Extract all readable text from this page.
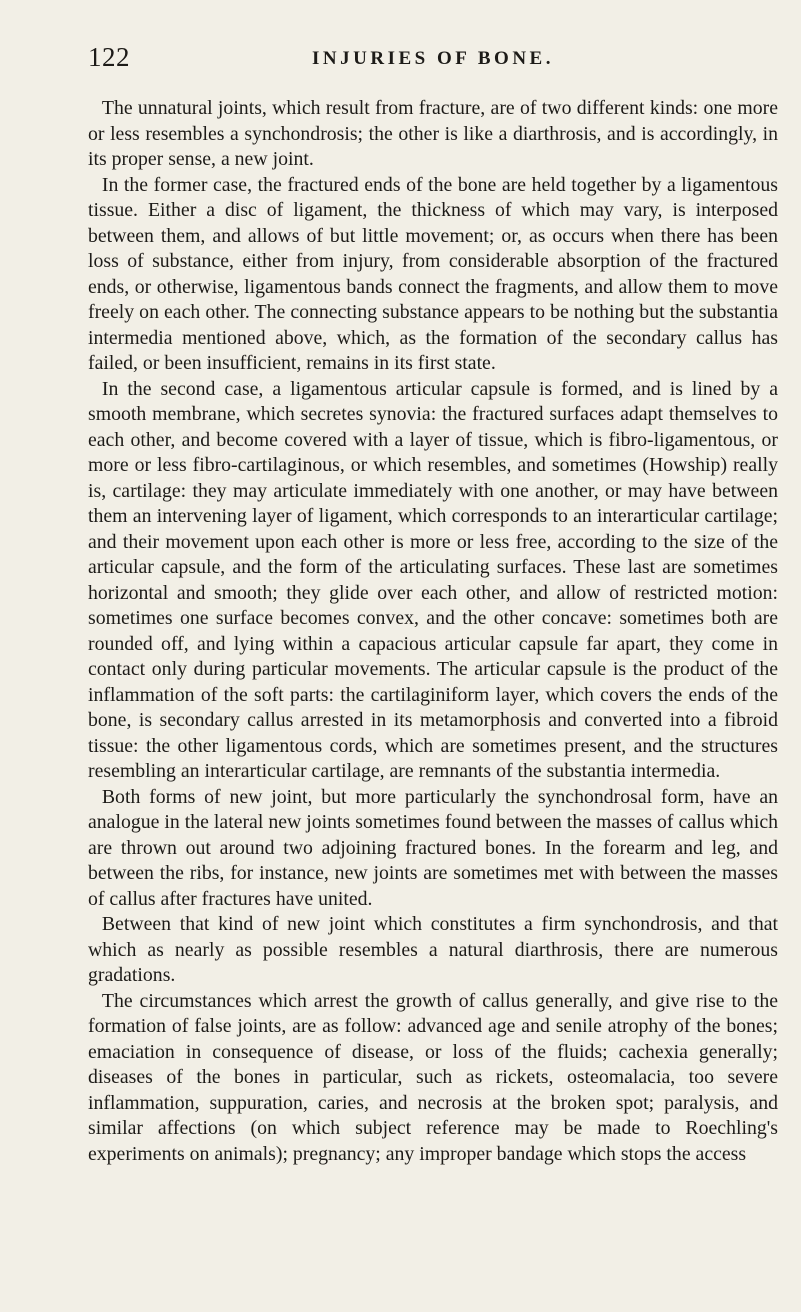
122	INJURIES OF BONE.

The unnatural joints, which result from fracture, are of two different kinds: one more or less resembles a synchondrosis; the other is like a diarthrosis, and is accordingly, in its proper sense, a new joint.

In the former case, the fractured ends of the bone are held together by a ligamentous tissue. Either a disc of ligament, the thickness of which may vary, is interposed between them, and allows of but little movement; or, as occurs when there has been loss of substance, either from injury, from considerable absorption of the fractured ends, or otherwise, ligamentous bands connect the fragments, and allow them to move freely on each other. The connecting substance appears to be nothing but the substantia intermedia mentioned above, which, as the formation of the secondary callus has failed, or been insufficient, remains in its first state.

In the second case, a ligamentous articular capsule is formed, and is lined by a smooth membrane, which secretes synovia: the fractured surfaces adapt themselves to each other, and become covered with a layer of tissue, which is fibro-ligamentous, or more or less fibro-cartilaginous, or which resembles, and sometimes (Howship) really is, cartilage: they may articulate immediately with one another, or may have between them an intervening layer of ligament, which corresponds to an interarticular cartilage; and their movement upon each other is more or less free, according to the size of the articular capsule, and the form of the articulating surfaces. These last are sometimes horizontal and smooth; they glide over each other, and allow of restricted motion: sometimes one surface becomes convex, and the other concave: sometimes both are rounded off, and lying within a capacious articular capsule far apart, they come in contact only during particular movements. The articular capsule is the product of the inflammation of the soft parts: the cartilaginiform layer, which covers the ends of the bone, is secondary callus arrested in its metamorphosis and converted into a fibroid tissue: the other ligamentous cords, which are sometimes present, and the structures resembling an interarticular cartilage, are remnants of the substantia intermedia.

Both forms of new joint, but more particularly the synchondrosal form, have an analogue in the lateral new joints sometimes found between the masses of callus which are thrown out around two adjoining fractured bones. In the forearm and leg, and between the ribs, for instance, new joints are sometimes met with between the masses of callus after fractures have united.

Between that kind of new joint which constitutes a firm synchondrosis, and that which as nearly as possible resembles a natural diarthrosis, there are numerous gradations.

The circumstances which arrest the growth of callus generally, and give rise to the formation of false joints, are as follow: advanced age and senile atrophy of the bones; emaciation in consequence of disease, or loss of the fluids; cachexia generally; diseases of the bones in particular, such as rickets, osteomalacia, too severe inflammation, suppuration, caries, and necrosis at the broken spot; paralysis, and similar affections (on which subject reference may be made to Roechling's experiments on animals); pregnancy; any improper bandage which stops the access
